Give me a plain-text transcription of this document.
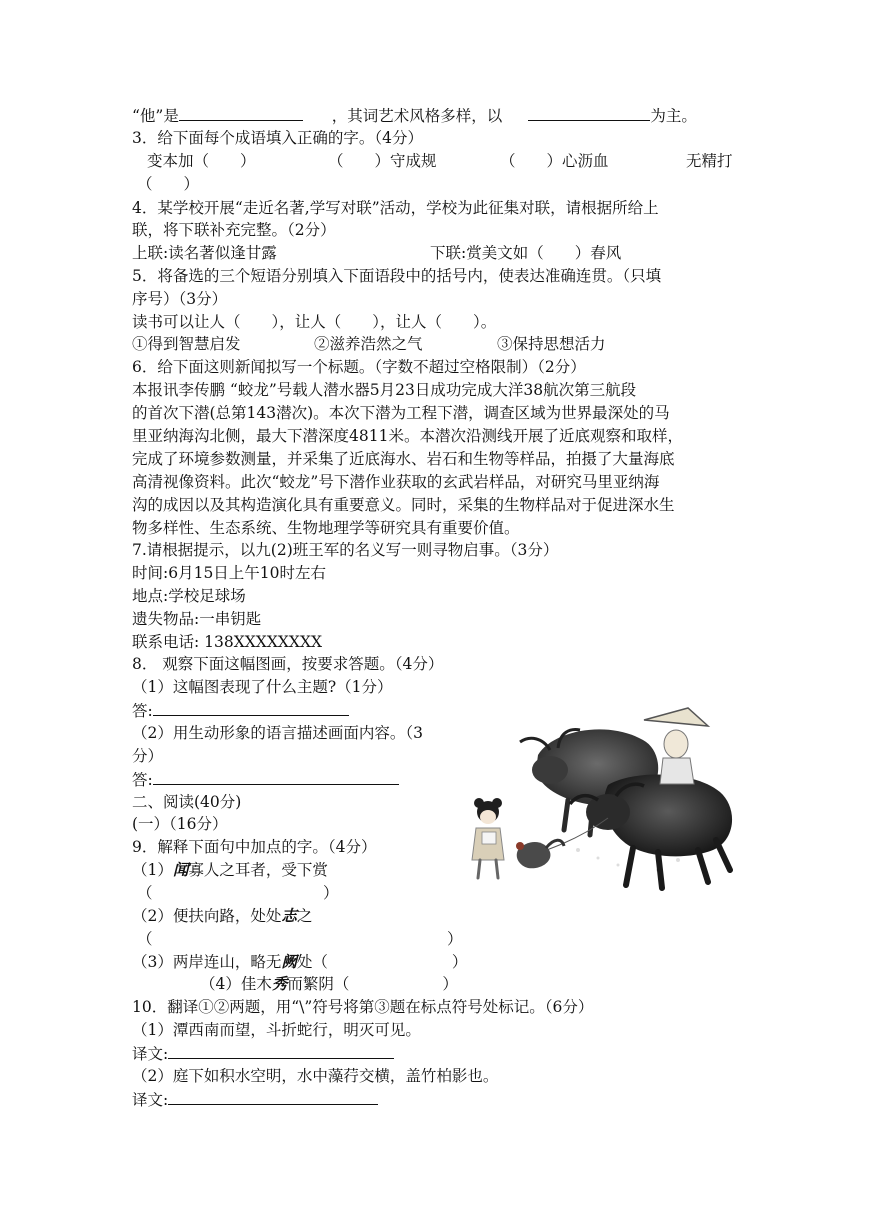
“他”是	，其词艺术风格多样，以	为主。
3．给下面每个成语填入正确的字。（4分）
变本加（　　）	（　　）守成规	（　　）心沥血	无精打
（　　）
4．某学校开展“走近名著,学写对联”活动，学校为此征集对联，请根据所给上
联，将下联补充完整。（2分）
上联:读名著似逢甘露	下联:赏美文如（　　）春风
5．将备选的三个短语分别填入下面语段中的括号内，使表达准确连贯。（只填
序号）（3分）
读书可以让人（　　），让人（　　），让人（　　）。
①得到智慧启发	②滋养浩然之气	③保持思想活力
6．给下面这则新闻拟写一个标题。（字数不超过空格限制）（2分）
本报讯李传鹏 “蛟龙”号载人潜水器5月23日成功完成大洋38航次第三航段
的首次下潜(总第143潜次)。本次下潜为工程下潜，调查区域为世界最深处的马
里亚纳海沟北侧，最大下潜深度4811米。本潜次沿测线开展了近底观察和取样，
完成了环境参数测量，并采集了近底海水、岩石和生物等样品，拍摄了大量海底
高清视像资料。此次“蛟龙”号下潜作业获取的玄武岩样品，对研究马里亚纳海
沟的成因以及其构造演化具有重要意义。同时，采集的生物样品对于促进深水生
物多样性、生态系统、生物地理学等研究具有重要价值。
7.请根据提示，以九(2)班王军的名义写一则寻物启事。（3分）
时间:6月15日上午10时左右
地点:学校足球场
遗失物品:一串钥匙
联系电话: 138XXXXXXXX
8． 观察下面这幅图画，按要求答题。（4分）
（1）这幅图表现了什么主题?（1分）
答:
（2）用生动形象的语言描述画面内容。（3
分）
答:
二、阅读(40分)
(一）（16分）
9．解释下面句中加点的字。（4分）
（1）闻寡人之耳者，受下赏
（　　　　　　　　　　　）
（2）便扶向路，处处志之
（　　　　　　　　　　　　　　　　　　　）
（3）两岸连山，略无阙处（　　　　　　　　）
（4）佳木秀而繁阴（　　　　　　）
10．翻译①②两题，用“\”符号将第③题在标点符号处标记。（6分）
（1）潭西南而望，斗折蛇行，明灭可见。
译文:
（2）庭下如积水空明，水中藻荇交横，盖竹柏影也。
译文:
